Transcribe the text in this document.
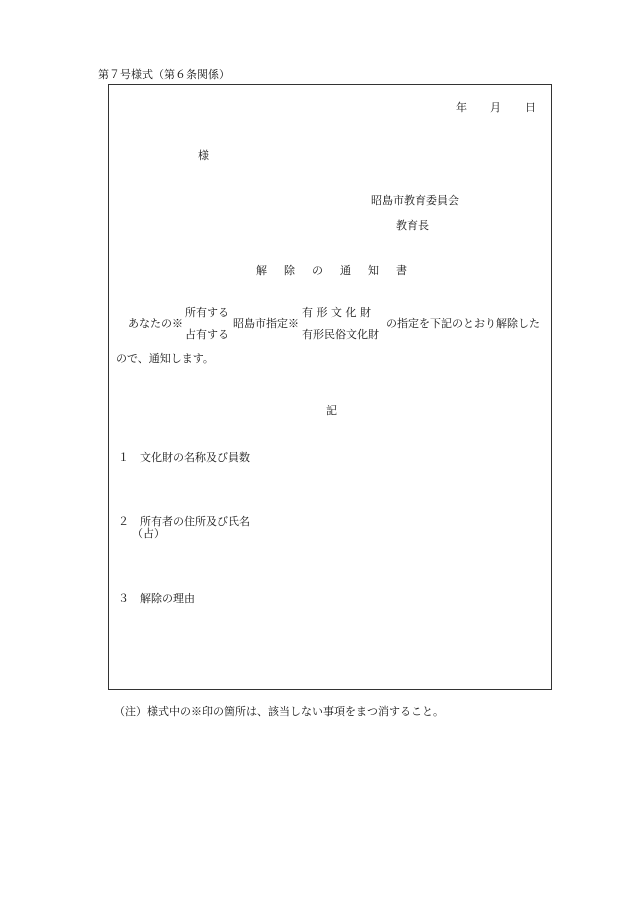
第７号様式（第６条関係）
年 月 日
様
昭島市教育委員会
教育長
解 除 の 通 知 書
あなたの※
所有する
占有する
昭島市指定※
有 形 文 化 財
有形民俗文化財
の指定を下記のとおり解除した
ので、通知します。
記
１ 文化財の名称及び員数
２ 所有者の住所及び氏名
（占）
３ 解除の理由
（注）様式中の※印の箇所は、該当しない事項をまつ消すること。
